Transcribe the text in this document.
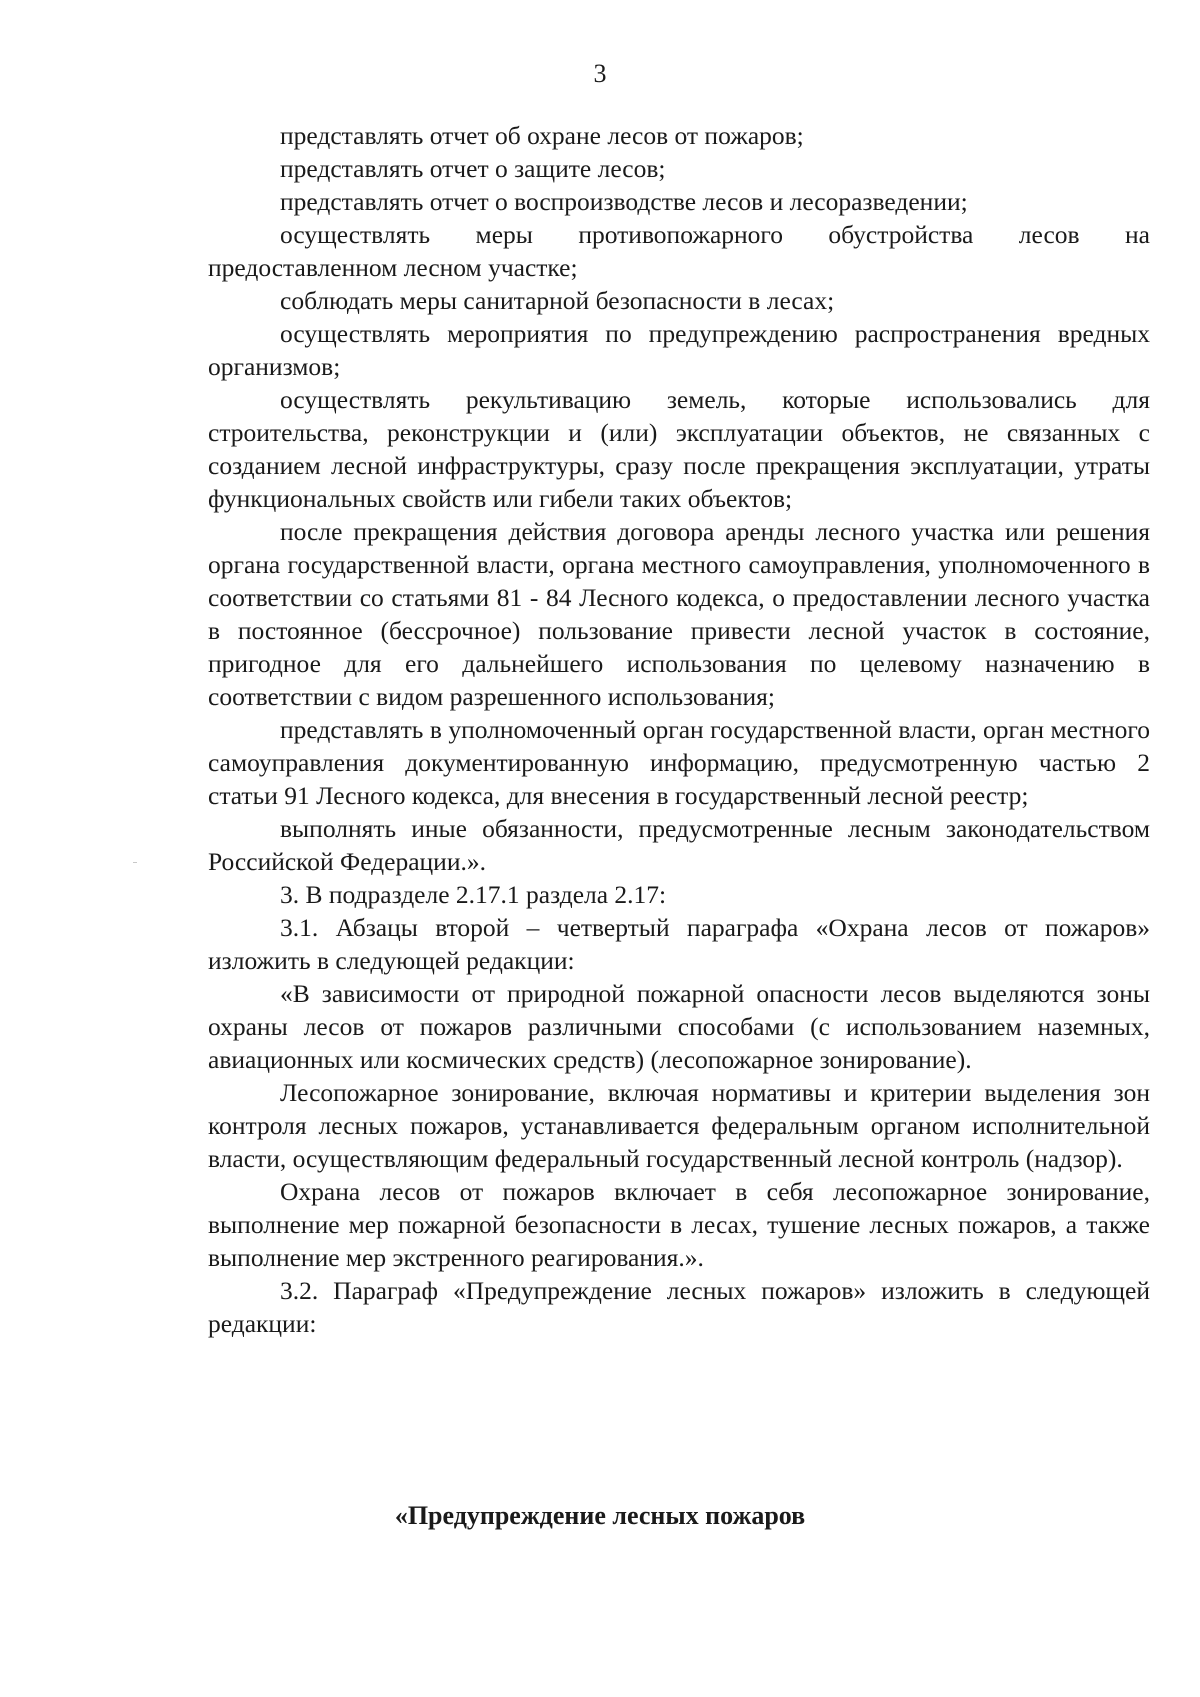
3

представлять отчет об охране лесов от пожаров;

представлять отчет о защите лесов;

представлять отчет о воспроизводстве лесов и лесоразведении;

осуществлять меры противопожарного обустройства лесов на предоставленном лесном участке;

соблюдать меры санитарной безопасности в лесах;

осуществлять мероприятия по предупреждению распространения вредных организмов;

осуществлять рекультивацию земель, которые использовались для строительства, реконструкции и (или) эксплуатации объектов, не связанных с созданием лесной инфраструктуры, сразу после прекращения эксплуатации, утраты функциональных свойств или гибели таких объектов;

после прекращения действия договора аренды лесного участка или решения органа государственной власти, органа местного самоуправления, уполномоченного в соответствии со статьями 81 - 84 Лесного кодекса, о предоставлении лесного участка в постоянное (бессрочное) пользование привести лесной участок в состояние, пригодное для его дальнейшего использования по целевому назначению в соответствии с видом разрешенного использования;

представлять в уполномоченный орган государственной власти, орган местного самоуправления документированную информацию, предусмотренную частью 2 статьи 91 Лесного кодекса, для внесения в государственный лесной реестр;

выполнять иные обязанности, предусмотренные лесным законодательством Российской Федерации.».

3. В подразделе 2.17.1 раздела 2.17:

3.1. Абзацы второй – четвертый параграфа «Охрана лесов от пожаров» изложить в следующей редакции:

«В зависимости от природной пожарной опасности лесов выделяются зоны охраны лесов от пожаров различными способами (с использованием наземных, авиационных или космических средств) (лесопожарное зонирование).

Лесопожарное зонирование, включая нормативы и критерии выделения зон контроля лесных пожаров, устанавливается федеральным органом исполнительной власти, осуществляющим федеральный государственный лесной контроль (надзор).

Охрана лесов от пожаров включает в себя лесопожарное зонирование, выполнение мер пожарной безопасности в лесах, тушение лесных пожаров, а также выполнение мер экстренного реагирования.».

3.2. Параграф «Предупреждение лесных пожаров» изложить в следующей редакции:

«Предупреждение лесных пожаров
